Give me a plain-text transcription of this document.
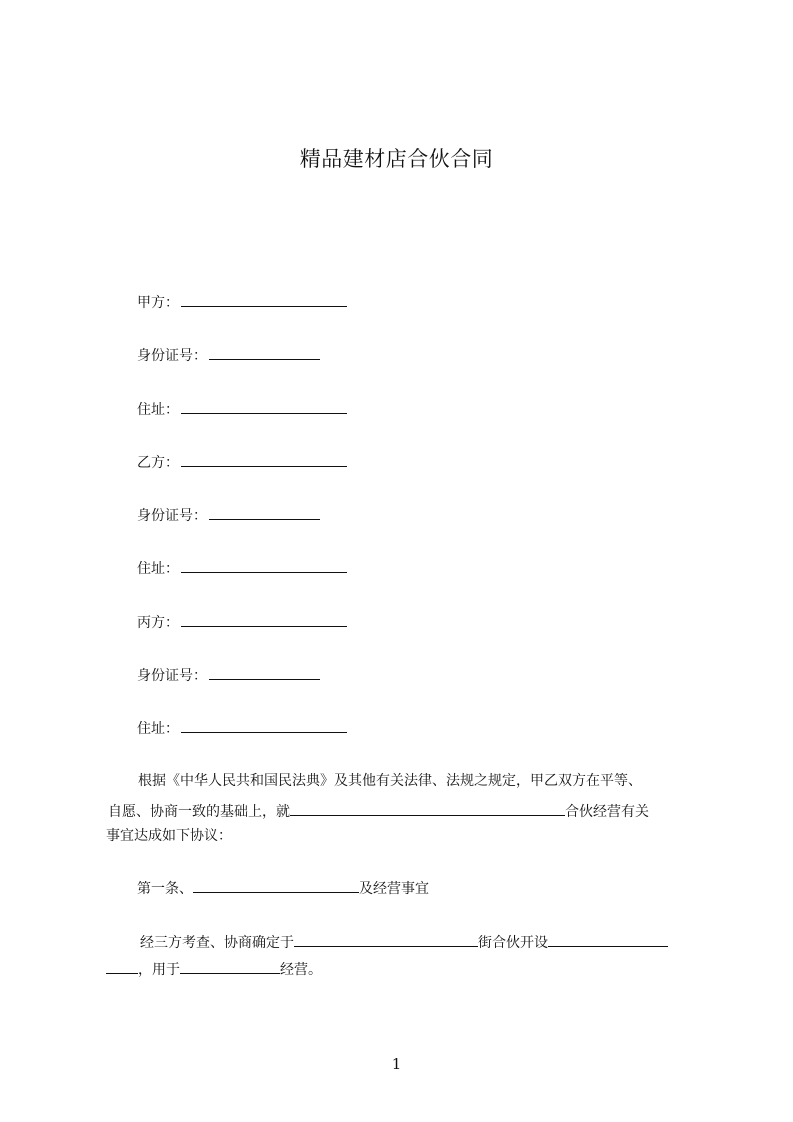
精品建材店合伙合同
甲方：
身份证号：
住址：
乙方：
身份证号：
住址：
丙方：
身份证号：
住址：
根据《中华人民共和国民法典》及其他有关法律、法规之规定，甲乙双方在平等、
自愿、协商一致的基础上，就	合伙经营有关
事宜达成如下协议：
第一条、	及经营事宜
经三方考查、协商确定于	街合伙开设
，用于	经营。
1
